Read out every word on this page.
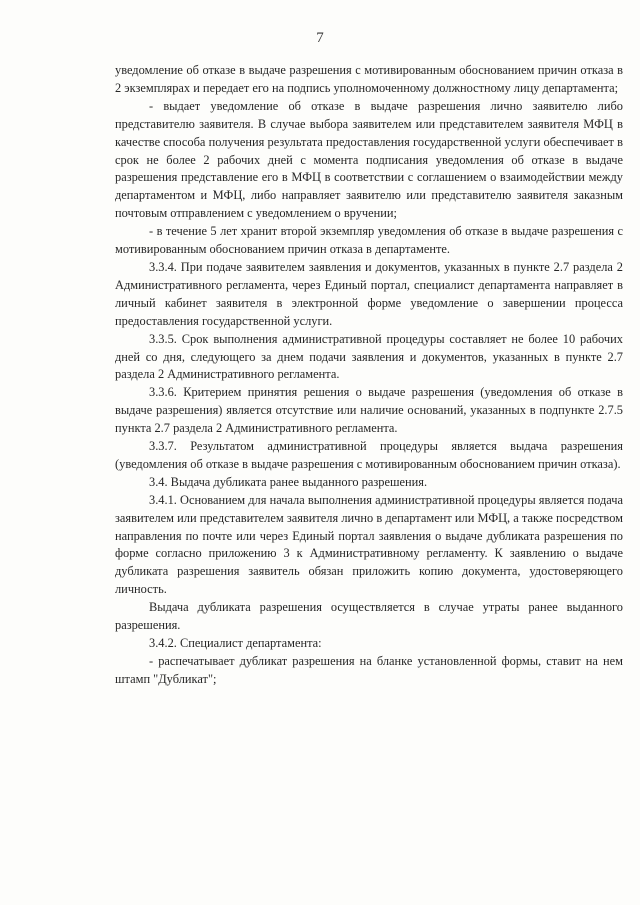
7

уведомление об отказе в выдаче разрешения с мотивированным обоснованием причин отказа в 2 экземплярах и передает его на подпись уполномоченному должностному лицу департамента;

- выдает уведомление об отказе в выдаче разрешения лично заявителю либо представителю заявителя. В случае выбора заявителем или представителем заявителя МФЦ в качестве способа получения результата предоставления государственной услуги обеспечивает в срок не более 2 рабочих дней с момента подписания уведомления об отказе в выдаче разрешения представление его в МФЦ в соответствии с соглашением о взаимодействии между департаментом и МФЦ, либо направляет заявителю или представителю заявителя заказным почтовым отправлением с уведомлением о вручении;

- в течение 5 лет хранит второй экземпляр уведомления об отказе в выдаче разрешения с мотивированным обоснованием причин отказа в департаменте.

3.3.4. При подаче заявителем заявления и документов, указанных в пункте 2.7 раздела 2 Административного регламента, через Единый портал, специалист департамента направляет в личный кабинет заявителя в электронной форме уведомление о завершении процесса предоставления государственной услуги.

3.3.5. Срок выполнения административной процедуры составляет не более 10 рабочих дней со дня, следующего за днем подачи заявления и документов, указанных в пункте 2.7 раздела 2 Административного регламента.

3.3.6. Критерием принятия решения о выдаче разрешения (уведомления об отказе в выдаче разрешения) является отсутствие или наличие оснований, указанных в подпункте 2.7.5 пункта 2.7 раздела 2 Административного регламента.

3.3.7. Результатом административной процедуры является выдача разрешения (уведомления об отказе в выдаче разрешения с мотивированным обоснованием причин отказа).

3.4. Выдача дубликата ранее выданного разрешения.

3.4.1. Основанием для начала выполнения административной процедуры является подача заявителем или представителем заявителя лично в департамент или МФЦ, а также посредством направления по почте или через Единый портал заявления о выдаче дубликата разрешения по форме согласно приложению 3 к Административному регламенту. К заявлению о выдаче дубликата разрешения заявитель обязан приложить копию документа, удостоверяющего личность.

Выдача дубликата разрешения осуществляется в случае утраты ранее выданного разрешения.

3.4.2. Специалист департамента:

- распечатывает дубликат разрешения на бланке установленной формы, ставит на нем штамп "Дубликат";
